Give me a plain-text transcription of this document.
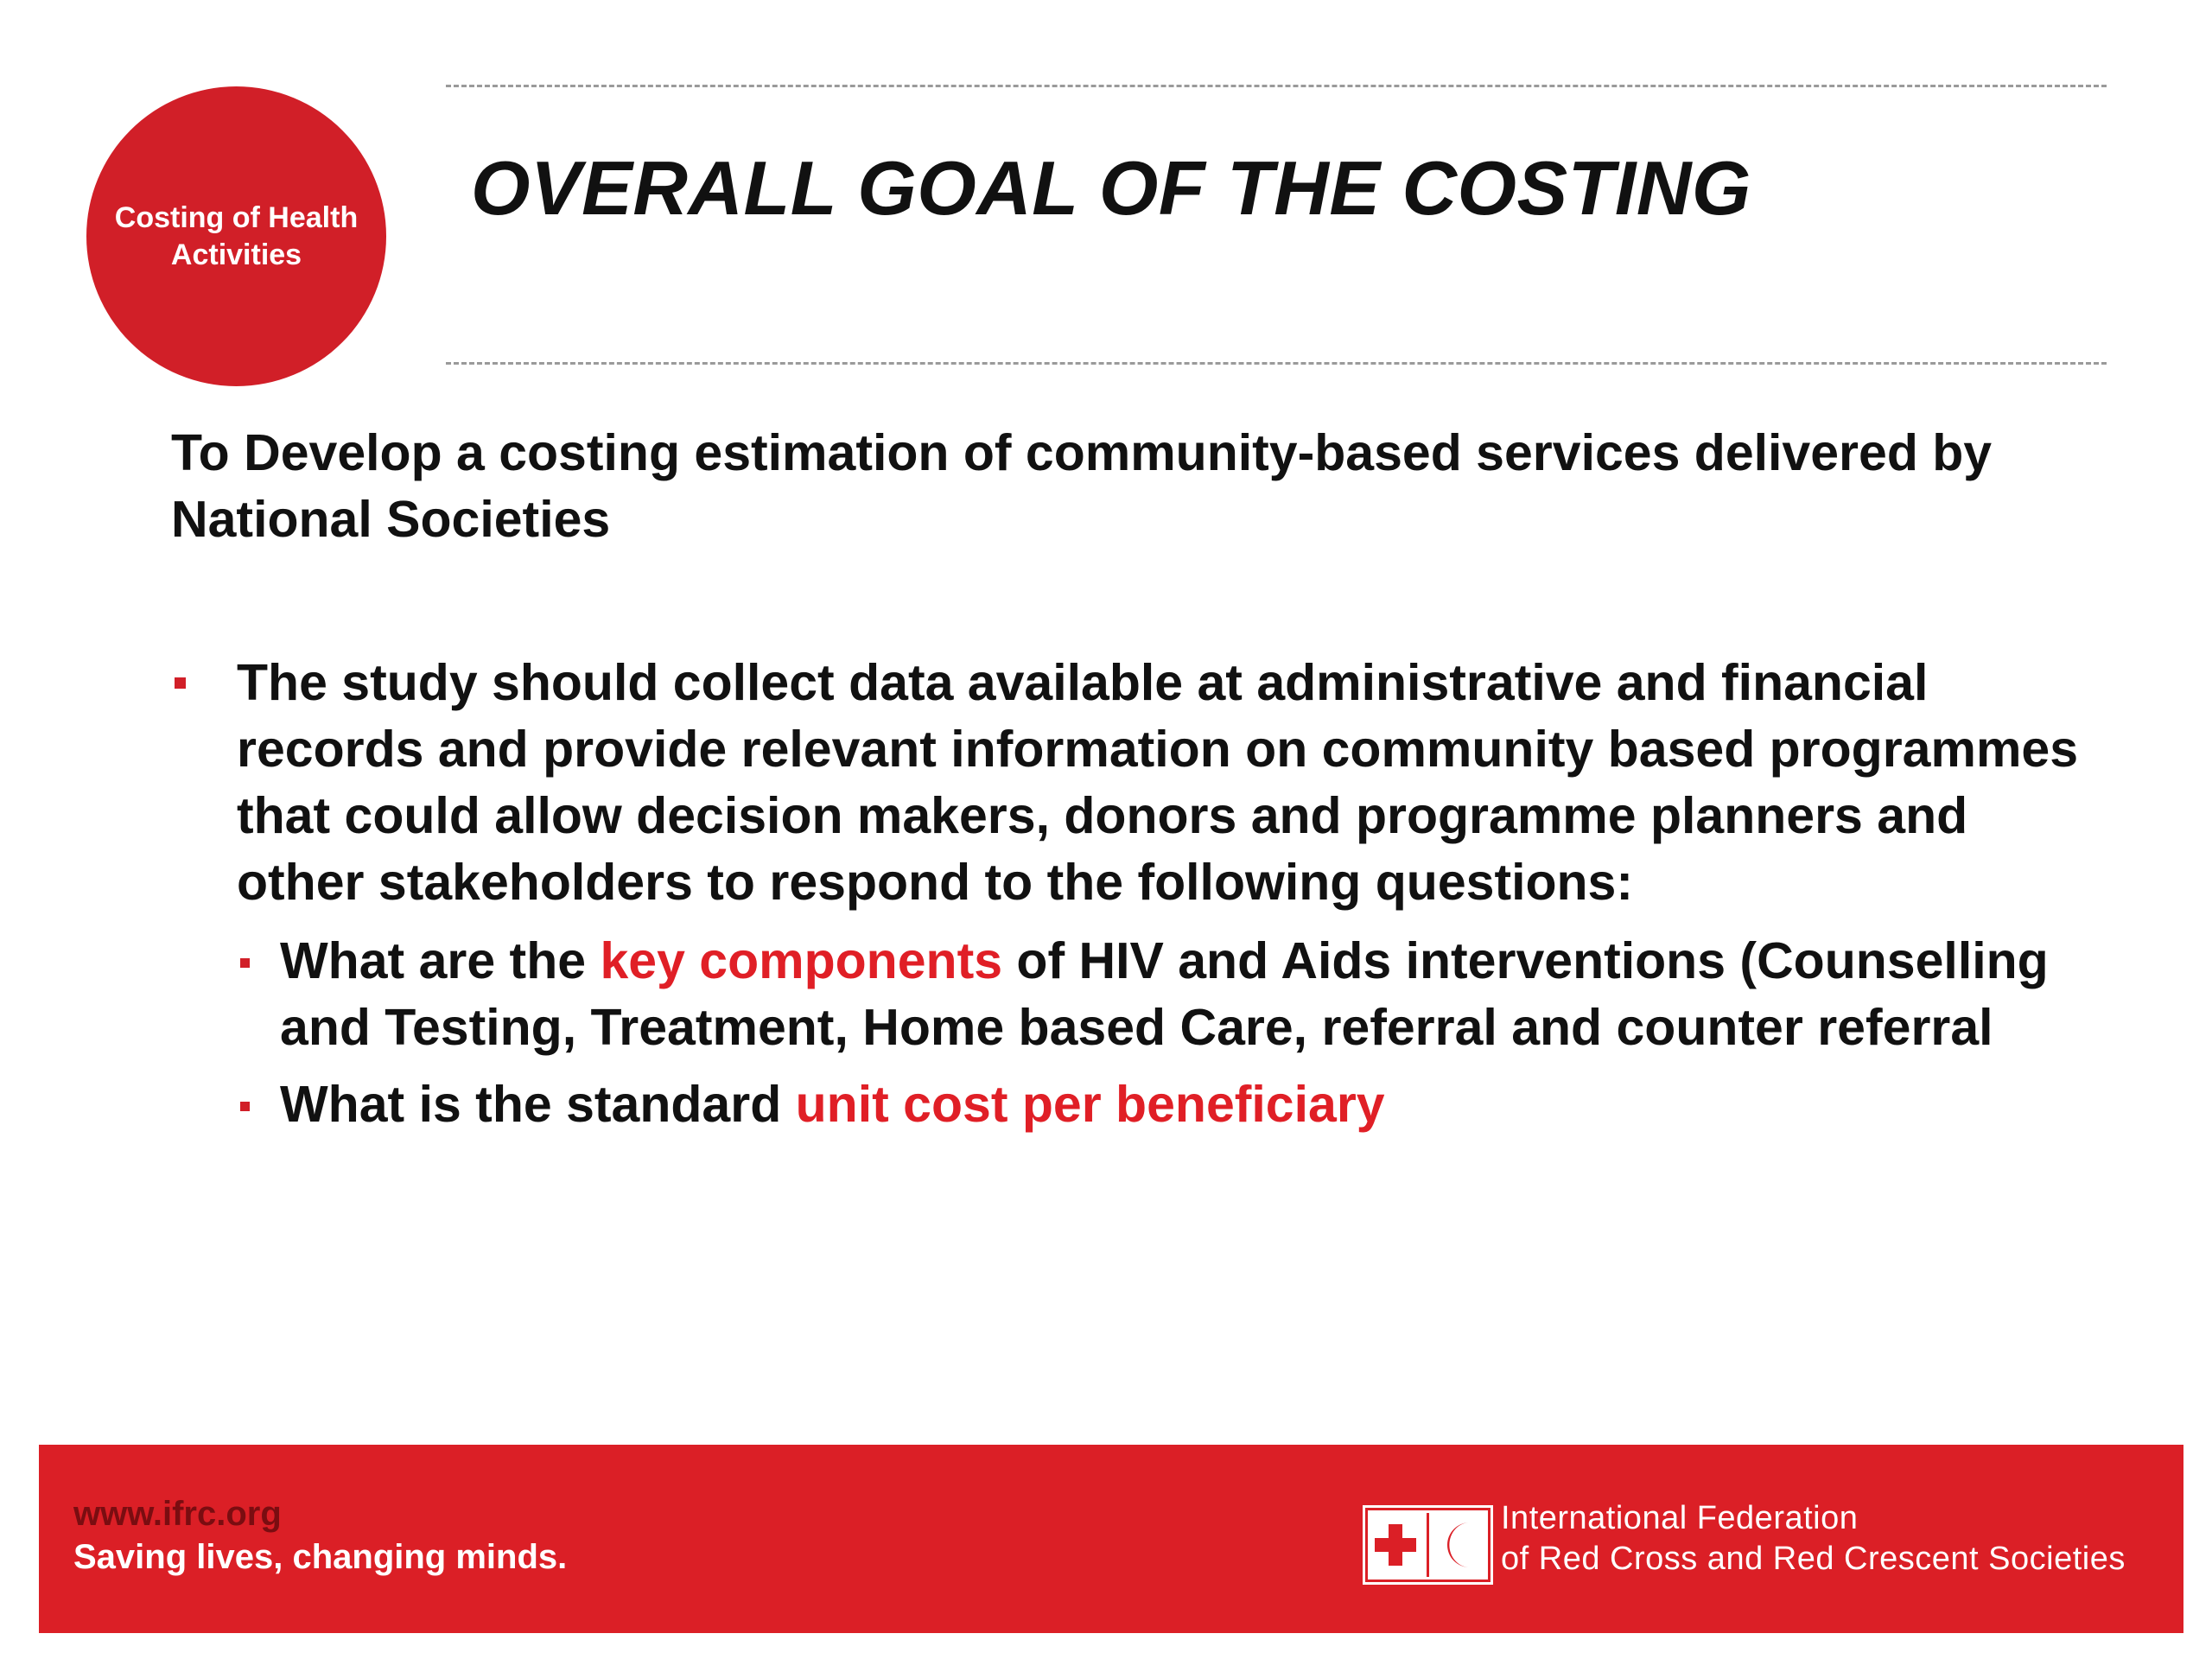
Costing of Health
Activities
OVERALL GOAL OF THE COSTING

To Develop a costing estimation of community-based services delivered by National Societies

The study should collect data available at administrative and financial records and provide relevant information on community based programmes that could allow decision makers, donors and programme planners and other stakeholders to respond to the following questions:
What are the key components of HIV and Aids interventions (Counselling and Testing, Treatment, Home based Care, referral and counter referral
What is the standard unit cost per beneficiary
www.ifrc.org
Saving lives, changing minds.
International Federation
of Red Cross and Red Crescent Societies
